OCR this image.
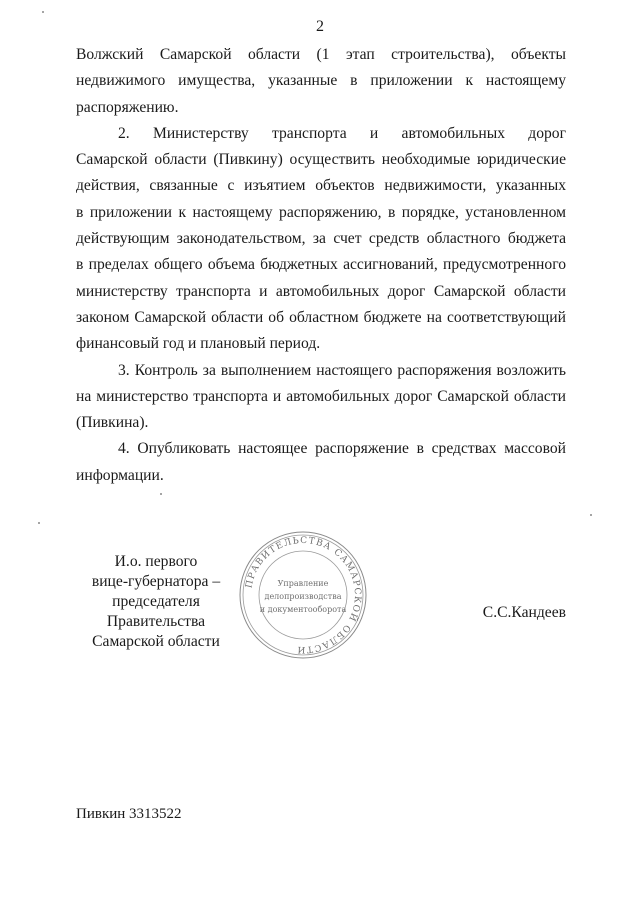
2

Волжский Самарской области (1 этап строительства), объекты
недвижимого имущества, указанные в приложении к настоящему
распоряжению.

2. Министерству транспорта и автомобильных дорог
Самарской области (Пивкину) осуществить необходимые юридические
действия, связанные с изъятием объектов недвижимости, указанных
в приложении к настоящему распоряжению, в порядке, установленном
действующим законодательством, за счет средств областного бюджета
в пределах общего объема бюджетных ассигнований, предусмотренного
министерству транспорта и автомобильных дорог Самарской области
законом Самарской области об областном бюджете на соответствующий
финансовый год и плановый период.

3. Контроль за выполнением настоящего распоряжения возложить
на министерство транспорта и автомобильных дорог Самарской области
(Пивкина).

4. Опубликовать настоящее распоряжение в средствах массовой
информации.

И.о. первого
вице-губернатора –
председателя Правительства
Самарской области
С.С.Кандеев
ПРАВИТЕЛЬСТВА САМАРСКОЙ ОБЛАСТИ
Управление
делопроизводства
и документооборота
Пивкин 3313522
